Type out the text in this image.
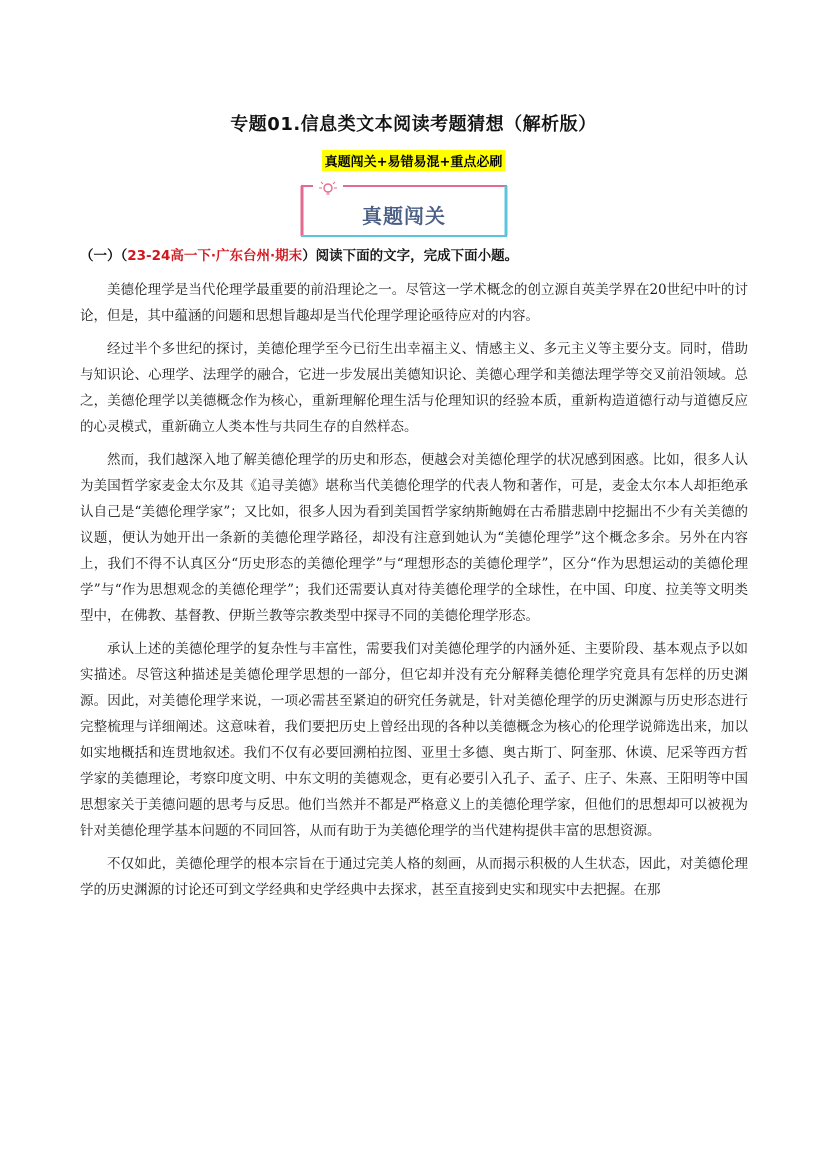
专题01.信息类文本阅读考题猜想（解析版）
真题闯关+易错易混+重点必刷
真题闯关
（一）（23-24高一下·广东台州·期末）阅读下面的文字，完成下面小题。

美德伦理学是当代伦理学最重要的前沿理论之一。尽管这一学术概念的创立源自英美学界在20世纪中叶的讨论，但是，其中蕴涵的问题和思想旨趣却是当代伦理学理论亟待应对的内容。

经过半个多世纪的探讨，美德伦理学至今已衍生出幸福主义、情感主义、多元主义等主要分支。同时，借助与知识论、心理学、法理学的融合，它进一步发展出美德知识论、美德心理学和美德法理学等交叉前沿领域。总之，美德伦理学以美德概念作为核心，重新理解伦理生活与伦理知识的经验本质，重新构造道德行动与道德反应的心灵模式，重新确立人类本性与共同生存的自然样态。

然而，我们越深入地了解美德伦理学的历史和形态，便越会对美德伦理学的状况感到困惑。比如，很多人认为美国哲学家麦金太尔及其《追寻美德》堪称当代美德伦理学的代表人物和著作，可是，麦金太尔本人却拒绝承认自己是“美德伦理学家”；又比如，很多人因为看到美国哲学家纳斯鲍姆在古希腊悲剧中挖掘出不少有关美德的议题，便认为她开出一条新的美德伦理学路径，却没有注意到她认为“美德伦理学”这个概念多余。另外在内容上，我们不得不认真区分“历史形态的美德伦理学”与“理想形态的美德伦理学”，区分“作为思想运动的美德伦理学”与“作为思想观念的美德伦理学”；我们还需要认真对待美德伦理学的全球性，在中国、印度、拉美等文明类型中，在佛教、基督教、伊斯兰教等宗教类型中探寻不同的美德伦理学形态。

承认上述的美德伦理学的复杂性与丰富性，需要我们对美德伦理学的内涵外延、主要阶段、基本观点予以如实描述。尽管这种描述是美德伦理学思想的一部分，但它却并没有充分解释美德伦理学究竟具有怎样的历史渊源。因此，对美德伦理学来说，一项必需甚至紧迫的研究任务就是，针对美德伦理学的历史渊源与历史形态进行完整梳理与详细阐述。这意味着，我们要把历史上曾经出现的各种以美德概念为核心的伦理学说筛选出来，加以如实地概括和连贯地叙述。我们不仅有必要回溯柏拉图、亚里士多德、奥古斯丁、阿奎那、休谟、尼采等西方哲学家的美德理论，考察印度文明、中东文明的美德观念，更有必要引入孔子、孟子、庄子、朱熹、王阳明等中国思想家关于美德问题的思考与反思。他们当然并不都是严格意义上的美德伦理学家，但他们的思想却可以被视为针对美德伦理学基本问题的不同回答，从而有助于为美德伦理学的当代建构提供丰富的思想资源。

不仅如此，美德伦理学的根本宗旨在于通过完美人格的刻画，从而揭示积极的人生状态，因此，对美德伦理学的历史渊源的讨论还可到文学经典和史学经典中去探求，甚至直接到史实和现实中去把握。在那
